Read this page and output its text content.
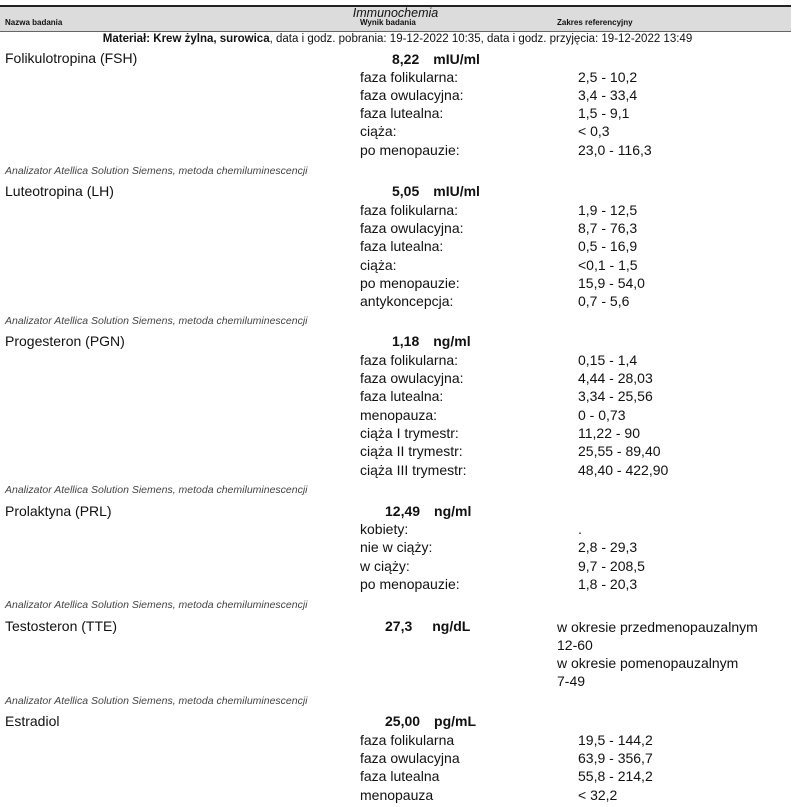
Immunochemia
Nazwa badania	Wynik badania	Zakres referencyjny
Materiał: Krew żylna, surowica, data i godz. pobrania: 19-12-2022 10:35, data i godz. przyjęcia: 19-12-2022 13:49
Folikulotropina (FSH)	8,22 mIU/ml
faza folikularna:	2,5 - 10,2
faza owulacyjna:	3,4 - 33,4
faza lutealna:	1,5 - 9,1
ciąża:	< 0,3
po menopauzie:	23,0 - 116,3
Analizator Atellica Solution Siemens, metoda chemiluminescencji
Luteotropina (LH)	5,05 mIU/ml
faza folikularna:	1,9 - 12,5
faza owulacyjna:	8,7 - 76,3
faza lutealna:	0,5 - 16,9
ciąża:	<0,1 - 1,5
po menopauzie:	15,9 - 54,0
antykoncepcja:	0,7 - 5,6
Analizator Atellica Solution Siemens, metoda chemiluminescencji
Progesteron (PGN)	1,18 ng/ml
faza folikularna:	0,15 - 1,4
faza owulacyjna:	4,44 - 28,03
faza lutealna:	3,34 - 25,56
menopauza:	0 - 0,73
ciąża I trymestr:	11,22 - 90
ciąża II trymestr:	25,55 - 89,40
ciąża III trymestr:	48,40 - 422,90
Analizator Atellica Solution Siemens, metoda chemiluminescencji
Prolaktyna (PRL)	12,49 ng/ml
kobiety:	.
nie w ciąży:	2,8 - 29,3
w ciąży:	9,7 - 208,5
po menopauzie:	1,8 - 20,3
Analizator Atellica Solution Siemens, metoda chemiluminescencji
Testosteron (TTE)	27,3 ng/dL	w okresie przedmenopauzalnym
12-60
w okresie pomenopauzalnym
7-49
Analizator Atellica Solution Siemens, metoda chemiluminescencji
Estradiol	25,00 pg/mL
faza folikularna	19,5 - 144,2
faza owulacyjna	63,9 - 356,7
faza lutealna	55,8 - 214,2
menopauza	< 32,2
